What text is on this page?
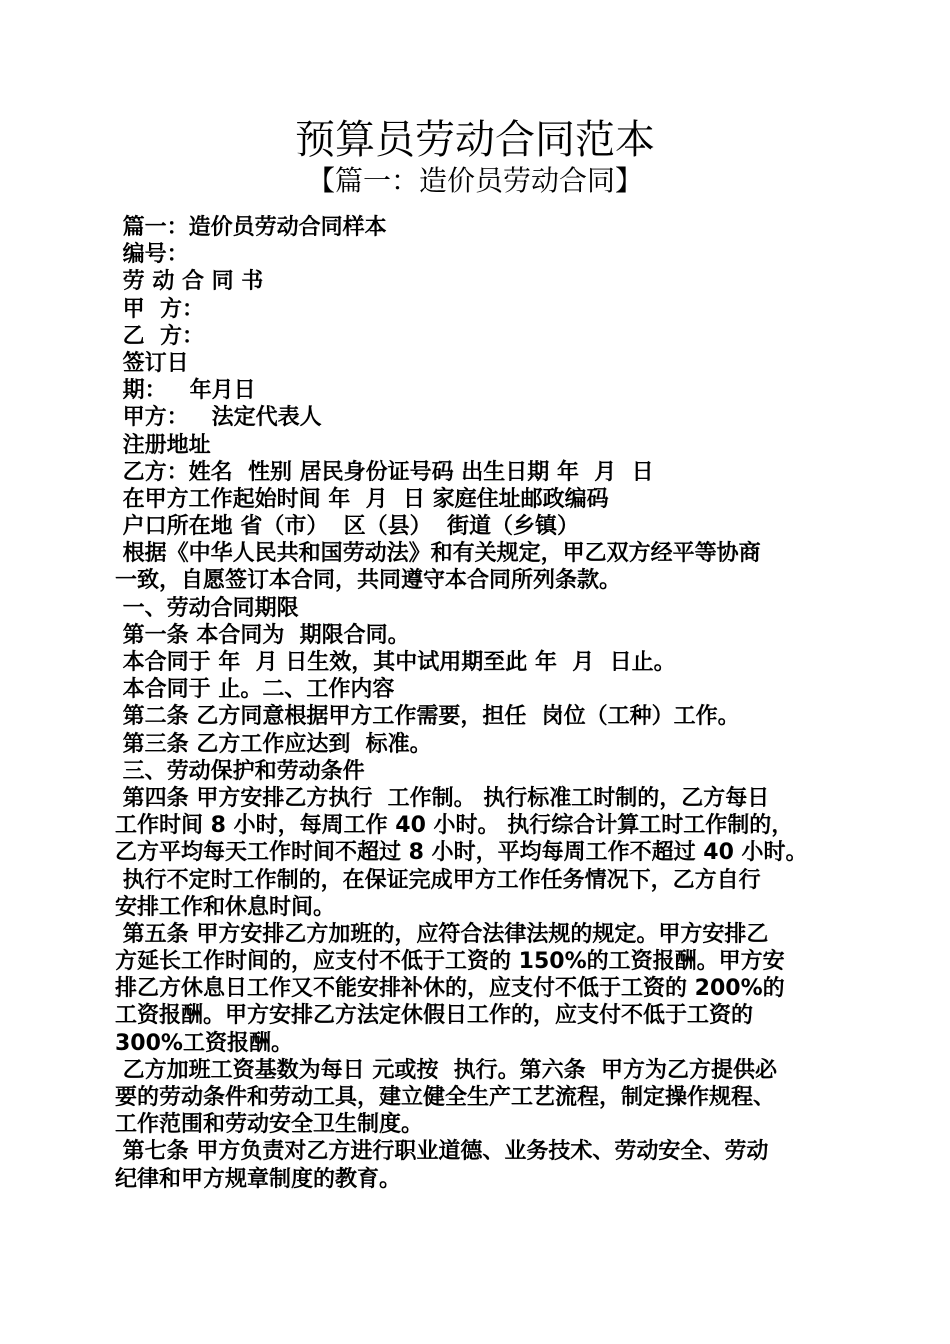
预算员劳动合同范本
【篇一：造价员劳动合同】
篇一：造价员劳动合同样本
编号：
劳 动 合 同 书
甲  方：
乙  方：
签订日
期：   年月日
甲方：   法定代表人
注册地址
乙方：姓名  性别 居民身份证号码 出生日期 年  月  日
在甲方工作起始时间 年  月  日 家庭住址邮政编码
户口所在地 省（市）  区（县）  街道（乡镇）
根据《中华人民共和国劳动法》和有关规定，甲乙双方经平等协商
一致，自愿签订本合同，共同遵守本合同所列条款。
一、劳动合同期限
第一条 本合同为  期限合同。
本合同于 年  月 日生效，其中试用期至此 年  月  日止。
本合同于 止。二、工作内容
第二条 乙方同意根据甲方工作需要，担任  岗位（工种）工作。
第三条 乙方工作应达到  标准。
三、劳动保护和劳动条件
第四条 甲方安排乙方执行  工作制。 执行标准工时制的，乙方每日
工作时间 8 小时，每周工作 40 小时。 执行综合计算工时工作制的，
乙方平均每天工作时间不超过 8 小时，平均每周工作不超过 40 小时。
执行不定时工作制的，在保证完成甲方工作任务情况下，乙方自行
安排工作和休息时间。
第五条 甲方安排乙方加班的，应符合法律法规的规定。甲方安排乙
方延长工作时间的，应支付不低于工资的 150%的工资报酬。甲方安
排乙方休息日工作又不能安排补休的，应支付不低于工资的 200%的
工资报酬。甲方安排乙方法定休假日工作的，应支付不低于工资的
300%工资报酬。
乙方加班工资基数为每日 元或按  执行。第六条  甲方为乙方提供必
要的劳动条件和劳动工具，建立健全生产工艺流程，制定操作规程、
工作范围和劳动安全卫生制度。
第七条 甲方负责对乙方进行职业道德、业务技术、劳动安全、劳动
纪律和甲方规章制度的教育。
